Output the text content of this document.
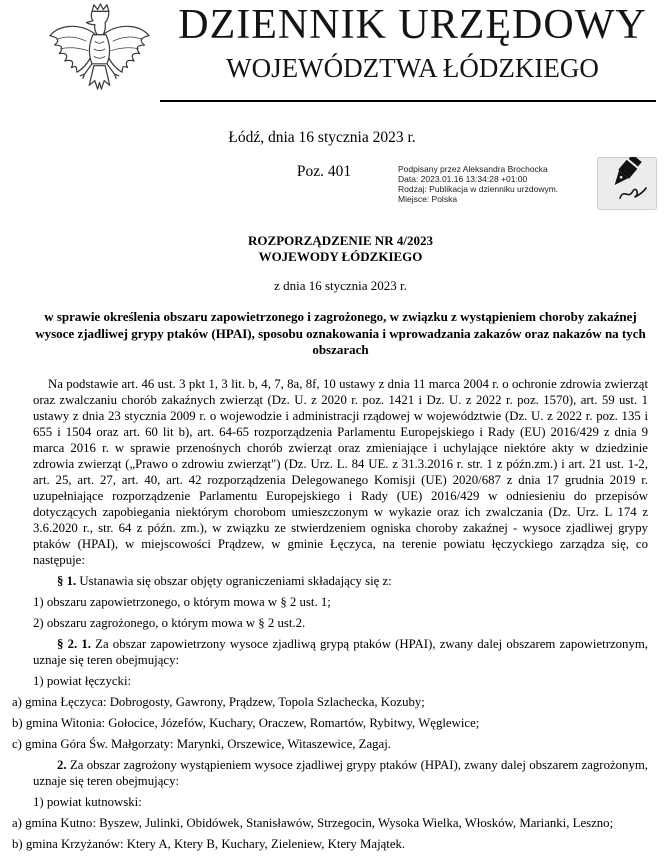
DZIENNIK URZĘDOWY
WOJEWÓDZTWA ŁÓDZKIEGO
Łódź, dnia 16 stycznia 2023 r.
Poz. 401	Podpisany przez Aleksandra Brochocka
Data: 2023.01.16 13:34:28 +01:00
Rodzaj: Publikacja w dzienniku urzdowym.
Miejsce: Polska
ROZPORZĄDZENIE NR 4/2023
WOJEWODY ŁÓDZKIEGO
z dnia 16 stycznia 2023 r.
w sprawie określenia obszaru zapowietrzonego i zagrożonego, w związku z wystąpieniem choroby zakaźnej wysoce zjadliwej grypy ptaków (HPAI), sposobu oznakowania i wprowadzania zakazów oraz nakazów na tych obszarach

Na podstawie art. 46 ust. 3 pkt 1, 3 lit. b, 4, 7, 8a, 8f, 10 ustawy z dnia 11 marca 2004 r. o ochronie zdrowia zwierząt oraz zwalczaniu chorób zakaźnych zwierząt (Dz. U. z 2020 r. poz. 1421 i Dz. U. z 2022 r. poz. 1570), art. 59 ust. 1 ustawy z dnia 23 stycznia 2009 r. o wojewodzie i administracji rządowej w województwie (Dz. U. z 2022 r. poz. 135 i 655 i 1504 oraz art. 60 lit b), art. 64-65 rozporządzenia Parlamentu Europejskiego i Rady (EU) 2016/429 z dnia 9 marca 2016 r. w sprawie przenośnych chorób zwierząt oraz zmieniające i uchylające niektóre akty w dziedzinie zdrowia zwierząt („Prawo o zdrowiu zwierząt") (Dz. Urz. L. 84 UE. z 31.3.2016 r. str. 1 z późn.zm.) i art. 21 ust. 1-2, art. 25, art. 27, art. 40, art. 42 rozporządzenia Delegowanego Komisji (UE) 2020/687 z dnia 17 grudnia 2019 r. uzupełniające rozporządzenie Parlamentu Europejskiego i Rady (UE) 2016/429 w odniesieniu do przepisów dotyczących zapobiegania niektórym chorobom umieszczonym w wykazie oraz ich zwalczania (Dz. Urz. L 174 z 3.6.2020 r., str. 64 z późn. zm.), w związku ze stwierdzeniem ogniska choroby zakaźnej - wysoce zjadliwej grypy ptaków (HPAI), w miejscowości Prądzew, w gminie Łęczyca, na terenie powiatu łęczyckiego zarządza się, co następuje:

§ 1. Ustanawia się obszar objęty ograniczeniami składający się z:

1) obszaru zapowietrzonego, o którym mowa w § 2 ust. 1;

2) obszaru zagrożonego, o którym mowa w § 2 ust.2.

§ 2. 1. Za obszar zapowietrzony wysoce zjadliwą grypą ptaków (HPAI), zwany dalej obszarem zapowietrzonym, uznaje się teren obejmujący:

1) powiat łęczycki:

a) gmina Łęczyca: Dobrogosty, Gawrony, Prądzew, Topola Szlachecka, Kozuby;

b) gmina Witonia: Gołocice, Józefów, Kuchary, Oraczew, Romartów, Rybitwy, Węglewice;

c) gmina Góra Św. Małgorzaty: Marynki, Orszewice, Witaszewice, Zagaj.

2. Za obszar zagrożony wystąpieniem wysoce zjadliwej grypy ptaków (HPAI), zwany dalej obszarem zagrożonym, uznaje się teren obejmujący:

1) powiat kutnowski:

a) gmina Kutno: Byszew, Julinki, Obidówek, Stanisławów, Strzegocin, Wysoka Wielka, Włosków, Marianki, Leszno;

b) gmina Krzyżanów: Ktery A, Ktery B, Kuchary, Zieleniew, Ktery Majątek.
